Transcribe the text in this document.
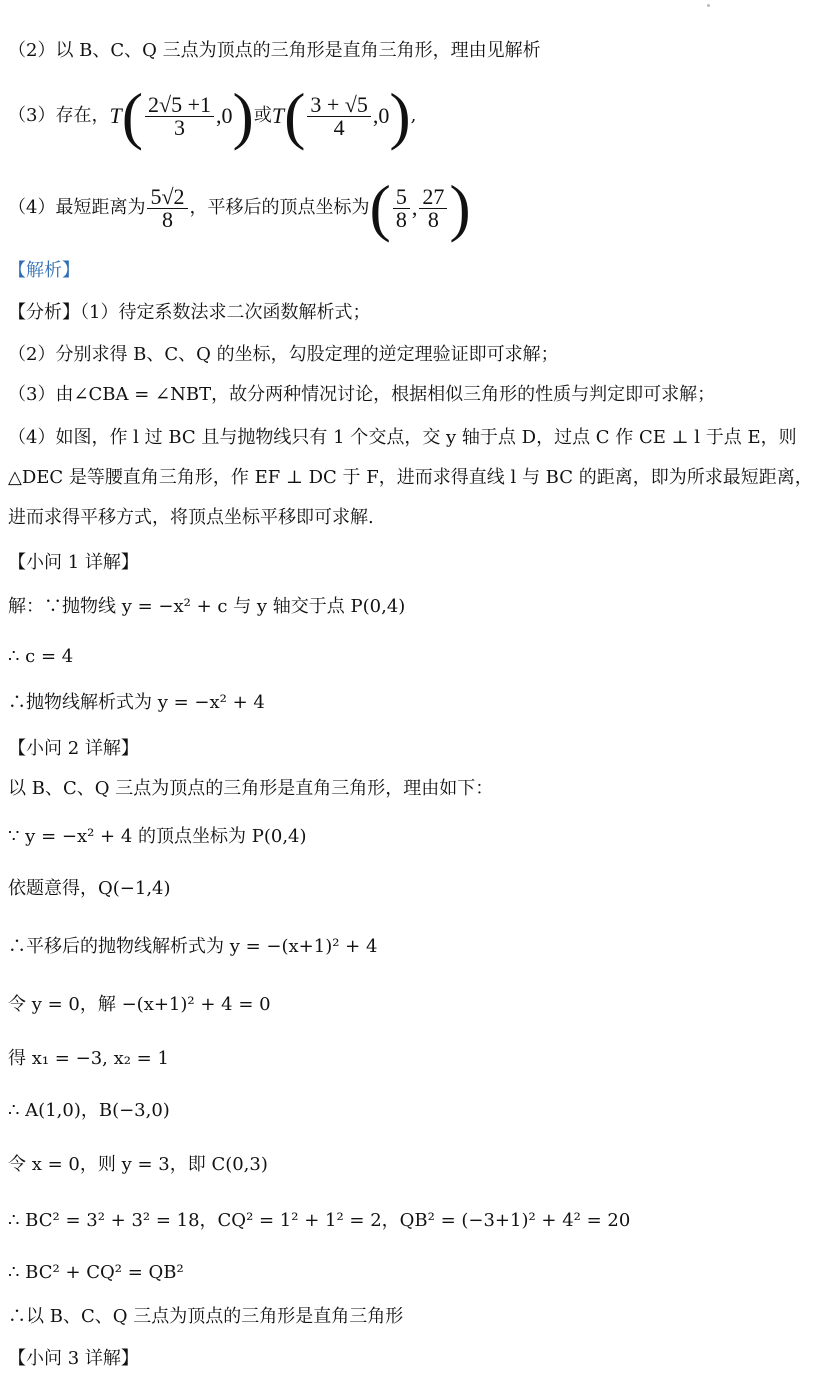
（2）以 B、C、Q 三点为顶点的三角形是直角三角形，理由见解析
（3）存在，$T( \frac{2√5 +1}{3} ,0)$或$T( \frac{3 + √5}{4} ,0)$,
（4）最短距离为 $\frac{5√2}{8}$ ，平移后的顶点坐标为( $\frac{5}{8}$ , $\frac{27}{8}$ )
【解析】
【分析】（1）待定系数法求二次函数解析式；
（2）分别求得 B、C、Q 的坐标，勾股定理的逆定理验证即可求解；
（3）由∠CBA = ∠NBT，故分两种情况讨论，根据相似三角形的性质与判定即可求解；
（4）如图，作 l 过 BC 且与抛物线只有 1 个交点，交 y 轴于点 D，过点 C 作 CE ⊥ l 于点 E，则△DEC 是等腰直角三角形，作 EF ⊥ DC 于 F，进而求得直线 l 与 BC 的距离，即为所求最短距离，进而求得平移方式，将顶点坐标平移即可求解.
【小问 1 详解】
解：∵抛物线 y = −x² + c 与 y 轴交于点 P(0,4)
∴ c = 4
∴抛物线解析式为 y = −x² + 4
【小问 2 详解】
以 B、C、Q 三点为顶点的三角形是直角三角形，理由如下：
∵ y = −x² + 4 的顶点坐标为 P(0,4)
依题意得，Q(−1,4)
∴平移后的抛物线解析式为 y = −(x+1)² + 4
令 y = 0，解 −(x+1)² + 4 = 0
得 x₁ = −3, x₂ = 1
∴ A(1,0)，B(−3,0)
令 x = 0，则 y = 3，即 C(0,3)
∴ BC² = 3² + 3² = 18，CQ² = 1² + 1² = 2，QB² = (−3+1)² + 4² = 20
∴ BC² + CQ² = QB²
∴以 B、C、Q 三点为顶点的三角形是直角三角形
【小问 3 详解】
